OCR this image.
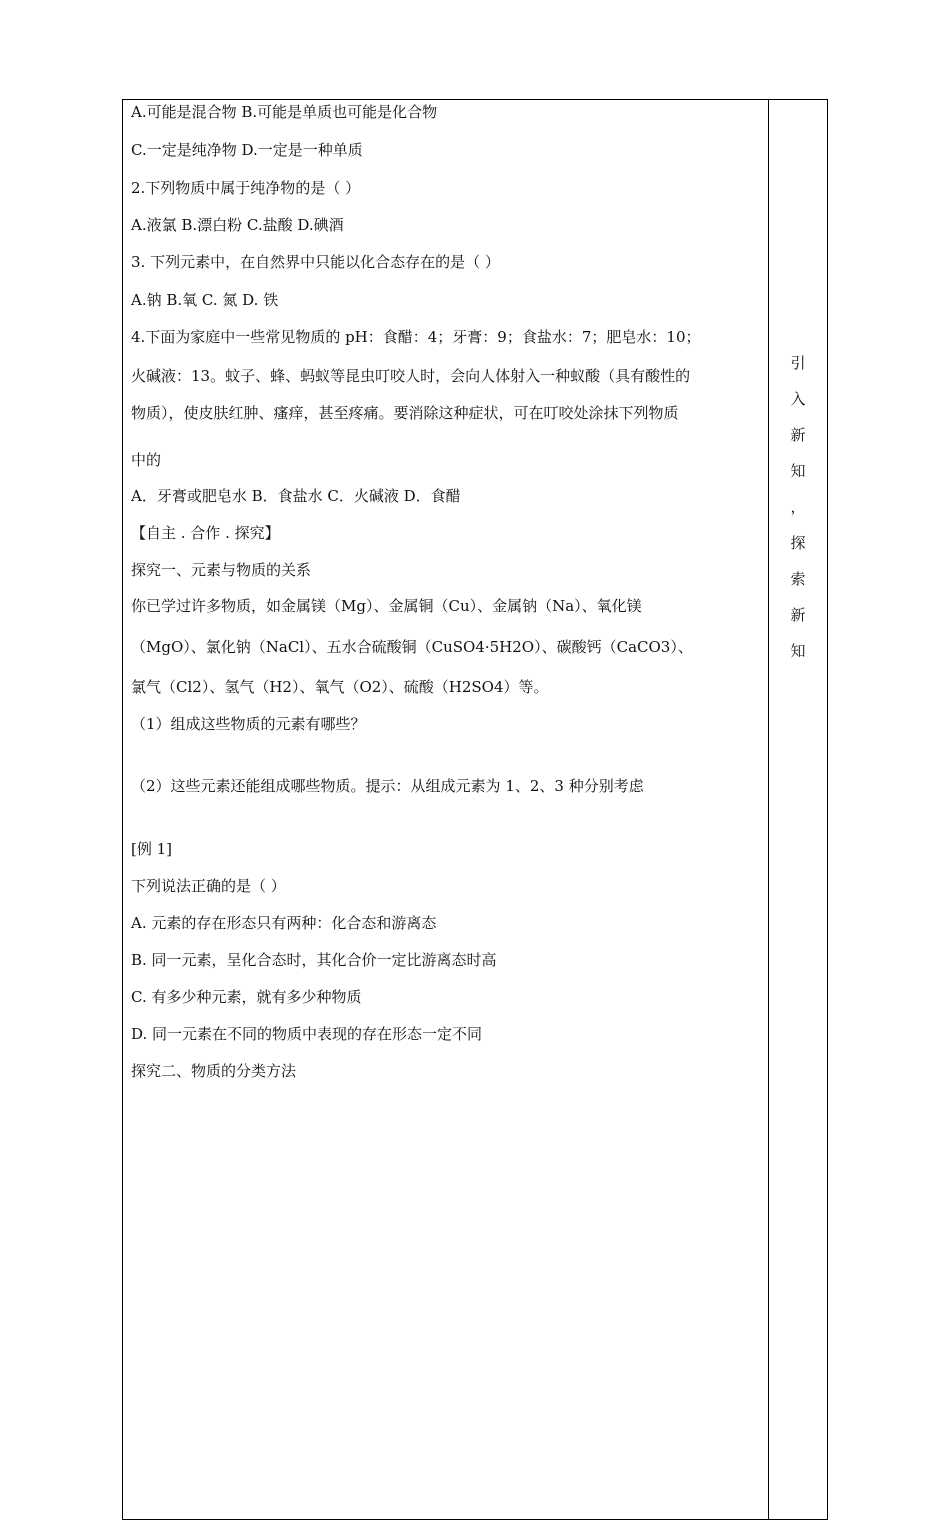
A.可能是混合物 B.可能是单质也可能是化合物
C.一定是纯净物 D.一定是一种单质
2.下列物质中属于纯净物的是（ ）
A.液氯 B.漂白粉 C.盐酸 D.碘酒
3. 下列元素中，在自然界中只能以化合态存在的是（ ）
A.钠 B.氧 C. 氮 D. 铁
4.下面为家庭中一些常见物质的 pH：食醋：4；牙膏：9；食盐水：7；肥皂水：10；
火碱液：13。蚊子、蜂、蚂蚁等昆虫叮咬人时，会向人体射入一种蚁酸（具有酸性的
物质），使皮肤红肿、瘙痒，甚至疼痛。要消除这种症状，可在叮咬处涂抹下列物质
中的
A．牙膏或肥皂水 B．食盐水 C．火碱液 D．食醋
【自主 . 合作 . 探究】
探究一、元素与物质的关系
你已学过许多物质，如金属镁（Mg）、金属铜（Cu）、金属钠（Na）、氧化镁
（MgO）、氯化钠（NaCl）、五水合硫酸铜（CuSO4·5H2O）、碳酸钙（CaCO3）、
氯气（Cl2）、氢气（H2）、氧气（O2）、硫酸（H2SO4）等。
（1）组成这些物质的元素有哪些？
（2）这些元素还能组成哪些物质。提示：从组成元素为 1、2、3 种分别考虑
[例 1]
下列说法正确的是（ ）
A. 元素的存在形态只有两种：化合态和游离态
B. 同一元素，呈化合态时，其化合价一定比游离态时高
C. 有多少种元素，就有多少种物质
D. 同一元素在不同的物质中表现的存在形态一定不同
探究二、物质的分类方法
引
入
新
知
，
探
索
新
知
